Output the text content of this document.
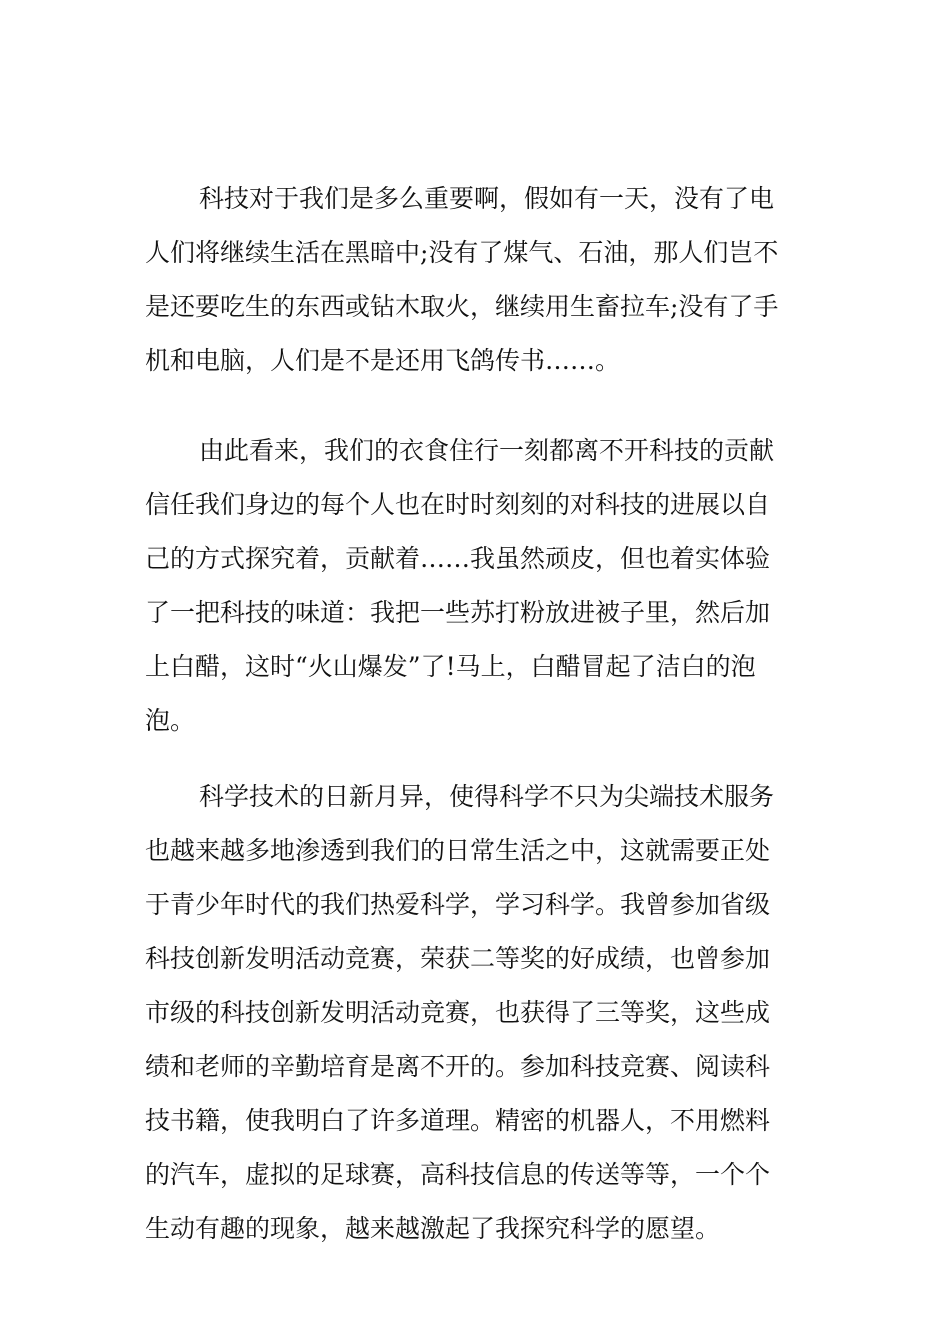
科技对于我们是多么重要啊，假如有一天，没有了电
人们将继续生活在黑暗中;没有了煤气、石油，那人们岂不
是还要吃生的东西或钻木取火，继续用生畜拉车;没有了手
机和电脑，人们是不是还用飞鸽传书……。
由此看来，我们的衣食住行一刻都离不开科技的贡献
信任我们身边的每个人也在时时刻刻的对科技的进展以自
己的方式探究着，贡献着……我虽然顽皮，但也着实体验
了一把科技的味道：我把一些苏打粉放进被子里，然后加
上白醋，这时“火山爆发”了!马上，白醋冒起了洁白的泡
泡。
科学技术的日新月异，使得科学不只为尖端技术服务
也越来越多地渗透到我们的日常生活之中，这就需要正处
于青少年时代的我们热爱科学，学习科学。我曾参加省级
科技创新发明活动竞赛，荣获二等奖的好成绩，也曾参加
市级的科技创新发明活动竞赛，也获得了三等奖，这些成
绩和老师的辛勤培育是离不开的。参加科技竞赛、阅读科
技书籍，使我明白了许多道理。精密的机器人，不用燃料
的汽车，虚拟的足球赛，高科技信息的传送等等，一个个
生动有趣的现象，越来越激起了我探究科学的愿望。
